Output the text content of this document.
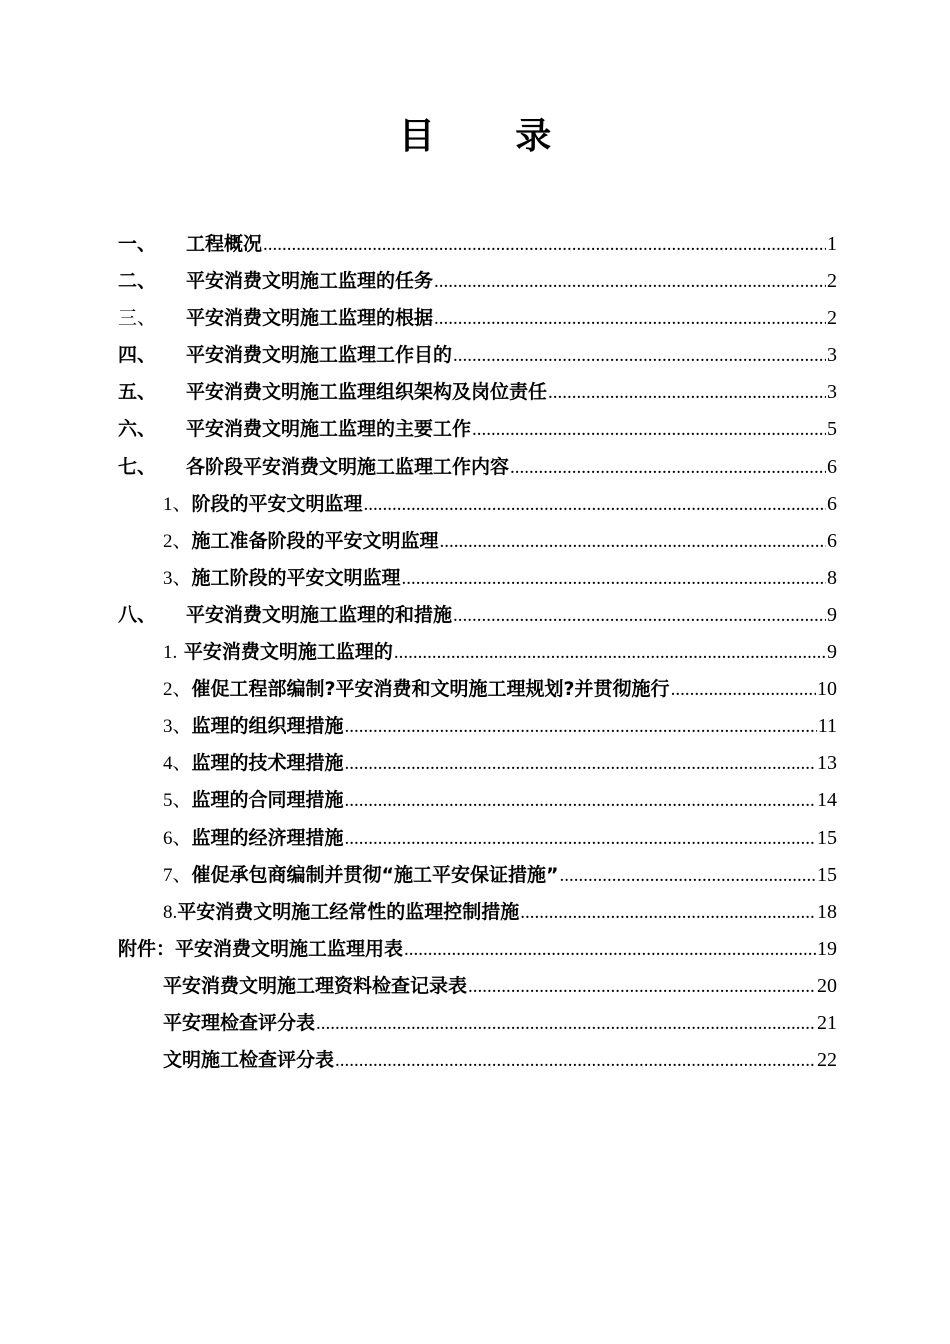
目 录
一、	工程概况 .....	1
二、	平安消费文明施工监理的任务 .....	2
三、	平安消费文明施工监理的根据 .....	2
四、	平安消费文明施工监理工作目的 .....	3
五、	平安消费文明施工监理组织架构及岗位责任 .....	3
六、	平安消费文明施工监理的主要工作 .....	5
七、	各阶段平安消费文明施工监理工作内容 .....	6
1、 阶段的平安文明监理 .....	6
2、 施工准备阶段的平安文明监理 .....	6
3、 施工阶段的平安文明监理 .....	8
八、	平安消费文明施工监理的和措施 .....	9
1. 平安消费文明施工监理的 .....	9
2、 催促工程部编制?平安消费和文明施工理规划?并贯彻施行 .....	10
3、 监理的组织理措施 .....	11
4、 监理的技术理措施 .....	13
5、 监理的合同理措施 .....	14
6、 监理的经济理措施 .....	15
7、 催促承包商编制并贯彻“施工平安保证措施” .....	15
8. 平安消费文明施工经常性的监理控制措施 .....	18
附件：平安消费文明施工监理用表 .....	19
平安消费文明施工理资料检查记录表 .....	20
平安理检查评分表 .....	21
文明施工检查评分表 .....	22
